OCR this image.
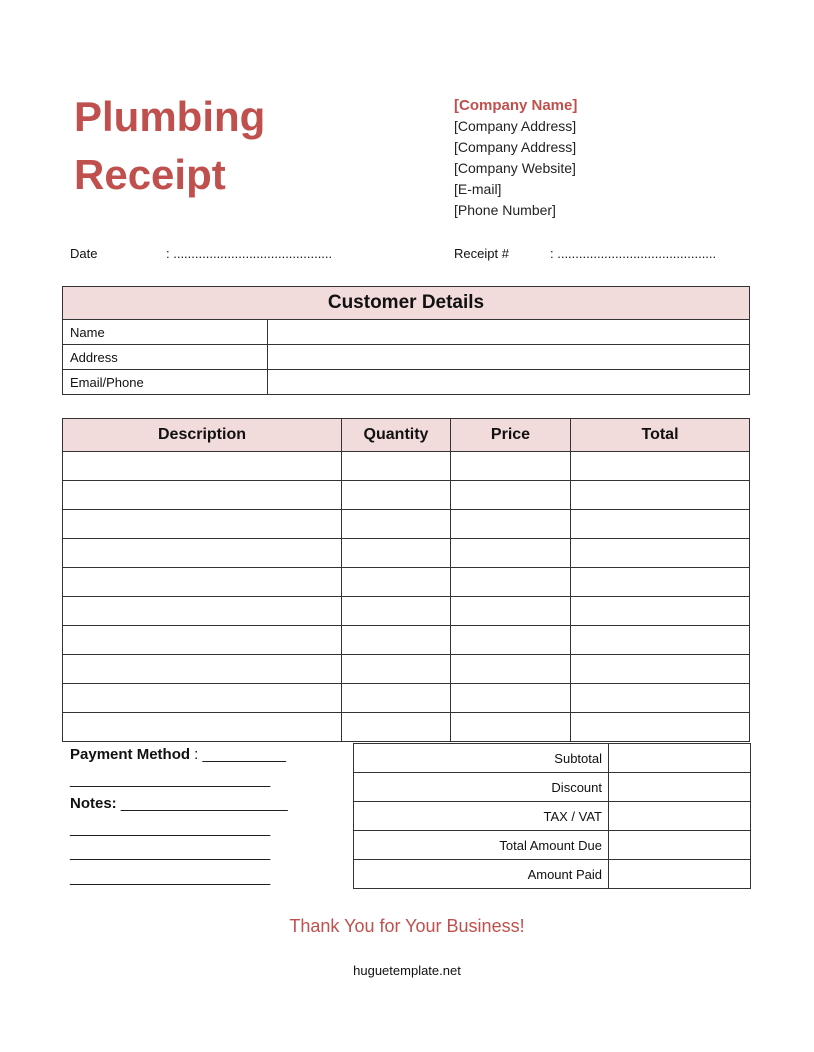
Plumbing
Receipt
[Company Name]
[Company Address]
[Company Address]
[Company Website]
[E-mail]
[Phone Number]
Date	: ............................................	Receipt #	: ............................................
Customer Details	
Name	
Address	
Email/Phone	
Description	Quantity	Price	Total

Payment Method : __________
________________________
Notes: ____________________
________________________
________________________
________________________
Subtotal	
Discount	
TAX / VAT	
Total Amount Due	
Amount Paid	
Thank You for Your Business!
huguetemplate.net
